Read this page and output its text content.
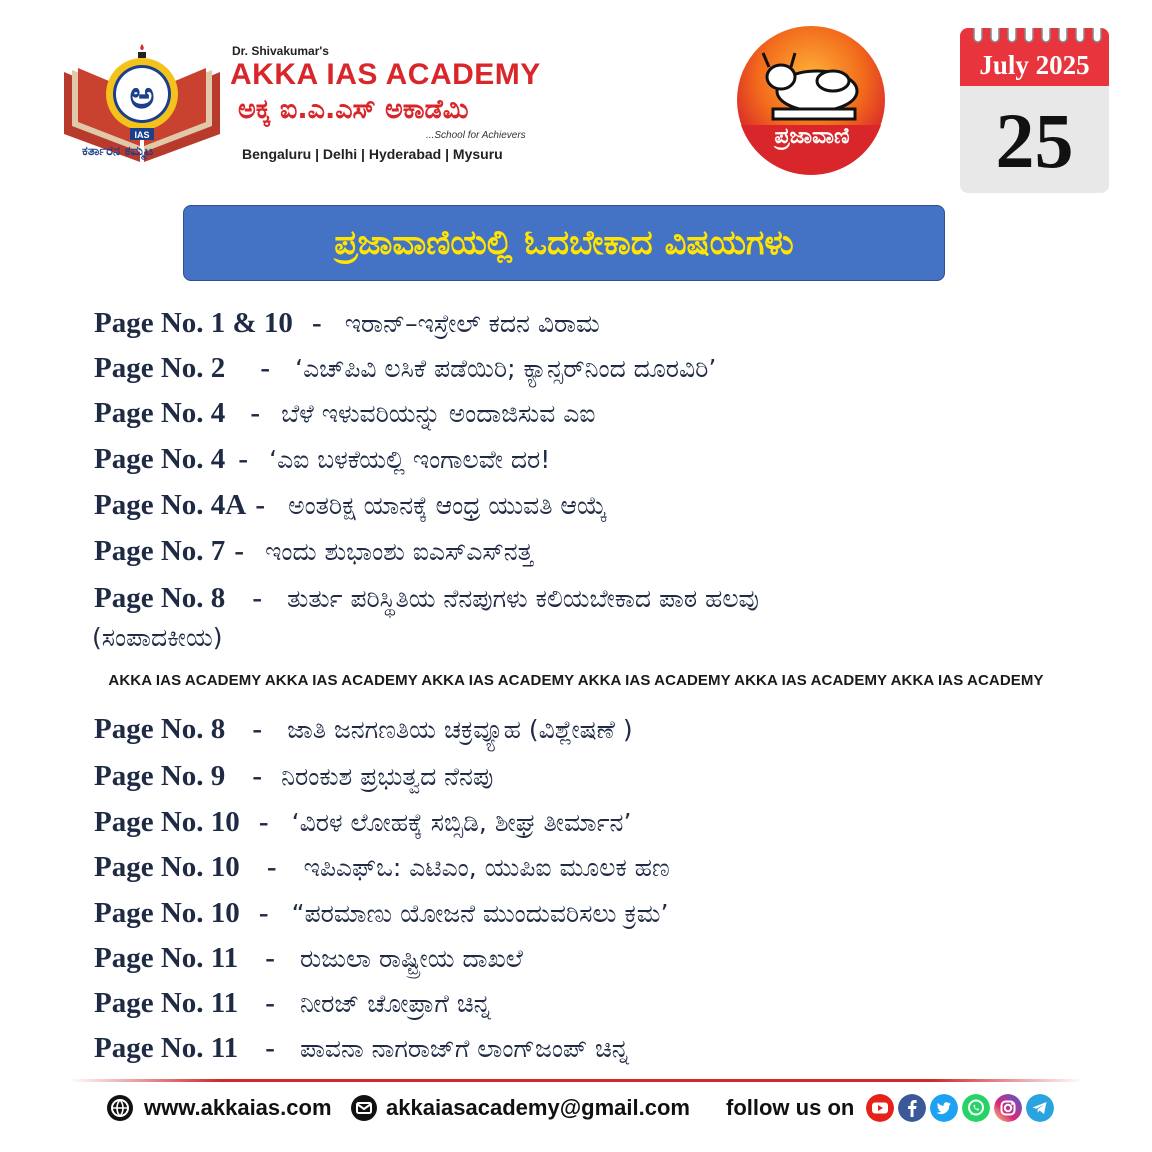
IAS
ಅ
ಕರ್ತಾರನ ಕಮ್ಮಟ
Dr. Shivakumar's
AKKA IAS ACADEMY
ಅಕ್ಕ ಐ.ಎ.ಎಸ್ ಅಕಾಡೆಮಿ
...School for Achievers
Bengaluru | Delhi | Hyderabad | Mysuru
ಪ್ರಜಾವಾಣಿ
July 2025
25
ಪ್ರಜಾವಾಣಿಯಲ್ಲಿ ಓದಬೇಕಾದ ವಿಷಯಗಳು
Page No. 1 & 10 - ಇರಾನ್‌–ಇಸ್ರೇಲ್ ಕದನ ವಿರಾಮ
Page No. 2 - ‘ಎಚ್‌ಪಿವಿ ಲಸಿಕೆ ಪಡೆಯಿರಿ; ಕ್ಯಾನ್ಸರ್‌ನಿಂದ ದೂರವಿರಿ’
Page No. 4 - ಬೆಳೆ ಇಳುವರಿಯನ್ನು ಅಂದಾಜಿಸುವ ಎಐ
Page No. 4 - ‘ಎಐ ಬಳಕೆಯಲ್ಲಿ ಇಂಗಾಲವೇ ದರ!
Page No. 4A - ಅಂತರಿಕ್ಷ ಯಾನಕ್ಕೆ ಆಂಧ್ರ ಯುವತಿ ಆಯ್ಕೆ
Page No. 7 - ಇಂದು ಶುಭಾಂಶು ಐಎಸ್‌ಎಸ್‌ನತ್ತ
Page No. 8 - ತುರ್ತು ಪರಿಸ್ಥಿತಿಯ ನೆನಪುಗಳು ಕಲಿಯಬೇಕಾದ ಪಾಠ ಹಲವು
(ಸಂಪಾದಕೀಯ)
AKKA IAS ACADEMY AKKA IAS ACADEMY AKKA IAS ACADEMY AKKA IAS ACADEMY AKKA IAS ACADEMY AKKA IAS ACADEMY
Page No. 8 - ಜಾತಿ ಜನಗಣತಿಯ ಚಕ್ರವ್ಯೂಹ (ವಿಶ್ಲೇಷಣೆ )
Page No. 9 - ನಿರಂಕುಶ ಪ್ರಭುತ್ವದ ನೆನಪು
Page No. 10 - ‘ವಿರಳ ಲೋಹಕ್ಕೆ ಸಬ್ಸಿಡಿ, ಶೀಘ್ರ ತೀರ್ಮಾನ’
Page No. 10 - ಇಪಿಎಫ್‌ಒ: ಎಟಿಎಂ, ಯುಪಿಐ ಮೂಲಕ ಹಣ
Page No. 10 - “ಪರಮಾಣು ಯೋಜನೆ ಮುಂದುವರಿಸಲು ಕ್ರಮ’
Page No. 11 - ರುಜುಲಾ ರಾಷ್ಟ್ರೀಯ ದಾಖಲೆ
Page No. 11 - ನೀರಜ್ ಚೋಪ್ರಾಗೆ ಚಿನ್ನ
Page No. 11 - ಪಾವನಾ ನಾಗರಾಜ್‌ಗೆ ಲಾಂಗ್‌ಜಂಪ್ ಚಿನ್ನ
www.akkaias.com akkaiasacademy@gmail.com follow us on
